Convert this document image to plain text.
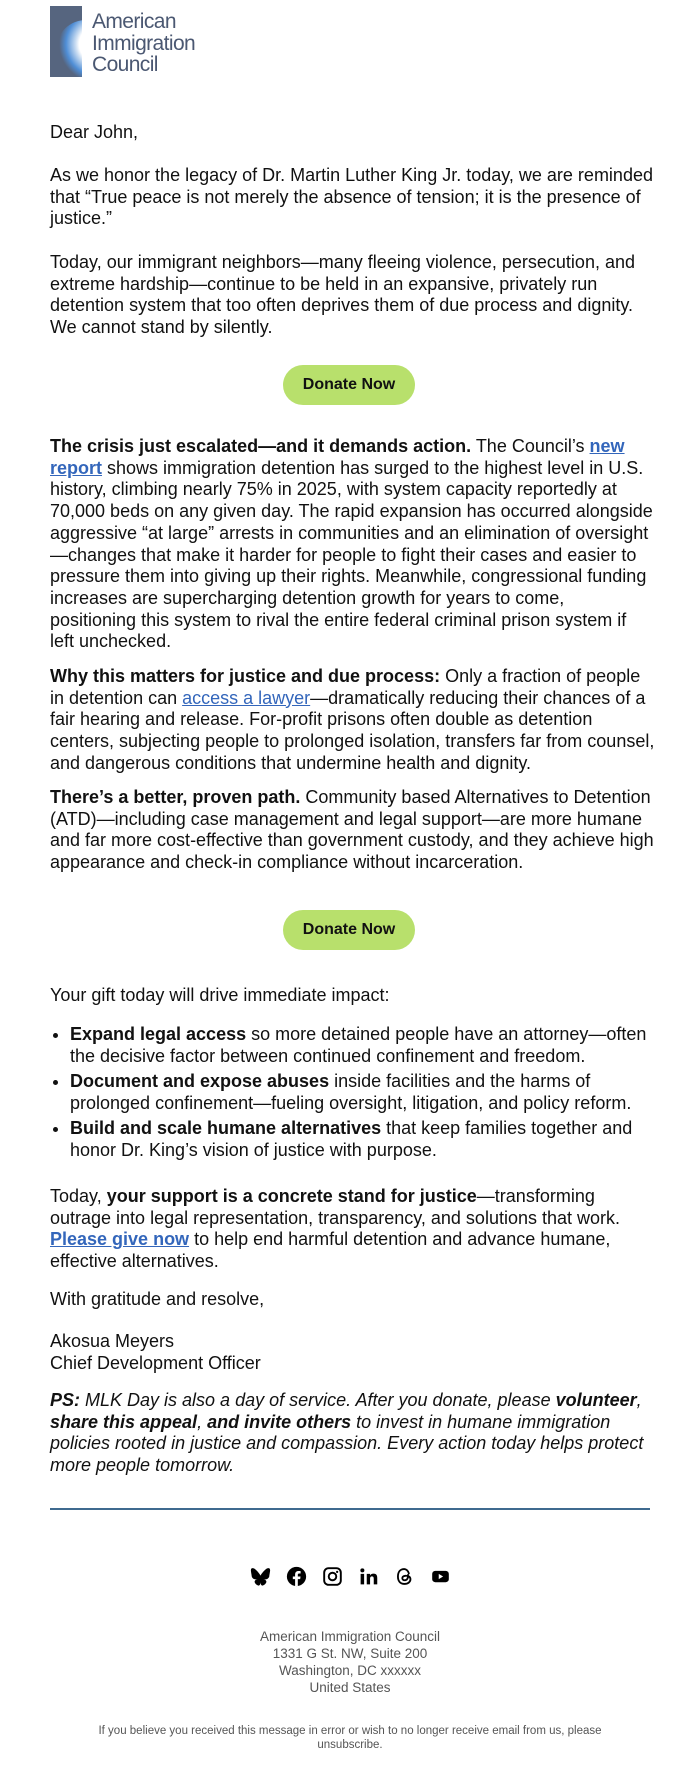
American
Immigration
Council

Dear John,

As we honor the legacy of Dr. Martin Luther King Jr. today, we are reminded that “True peace is not merely the absence of tension; it is the presence of justice.”

Today, our immigrant neighbors—many fleeing violence, persecution, and extreme hardship—continue to be held in an expansive, privately run detention system that too often deprives them of due process and dignity. We cannot stand by silently.

Donate Now

The crisis just escalated—and it demands action. The Council’s new report shows immigration detention has surged to the highest level in U.S. history, climbing nearly 75% in 2025, with system capacity reportedly at 70,000 beds on any given day. The rapid expansion has occurred alongside aggressive “at large” arrests in communities and an elimination of oversight—changes that make it harder for people to fight their cases and easier to pressure them into giving up their rights. Meanwhile, congressional funding increases are supercharging detention growth for years to come, positioning this system to rival the entire federal criminal prison system if left unchecked.

Why this matters for justice and due process: Only a fraction of people in detention can access a lawyer—dramatically reducing their chances of a fair hearing and release. For-profit prisons often double as detention centers, subjecting people to prolonged isolation, transfers far from counsel, and dangerous conditions that undermine health and dignity.

There’s a better, proven path. Community based Alternatives to Detention (ATD)—including case management and legal support—are more humane and far more cost-effective than government custody, and they achieve high appearance and check-in compliance without incarceration.

Donate Now

Your gift today will drive immediate impact:

• Expand legal access so more detained people have an attorney—often the decisive factor between continued confinement and freedom.
• Document and expose abuses inside facilities and the harms of prolonged confinement—fueling oversight, litigation, and policy reform.
• Build and scale humane alternatives that keep families together and honor Dr. King’s vision of justice with purpose.

Today, your support is a concrete stand for justice—transforming outrage into legal representation, transparency, and solutions that work. Please give now to help end harmful detention and advance humane, effective alternatives.

With gratitude and resolve,

Akosua Meyers

Chief Development Officer

PS: MLK Day is also a day of service. After you donate, please volunteer, share this appeal, and invite others to invest in humane immigration policies rooted in justice and compassion. Every action today helps protect more people tomorrow.

American Immigration Council
1331 G St. NW, Suite 200
Washington, DC xxxxxx
United States
If you believe you received this message in error or wish to no longer receive email from us, please unsubscribe.
